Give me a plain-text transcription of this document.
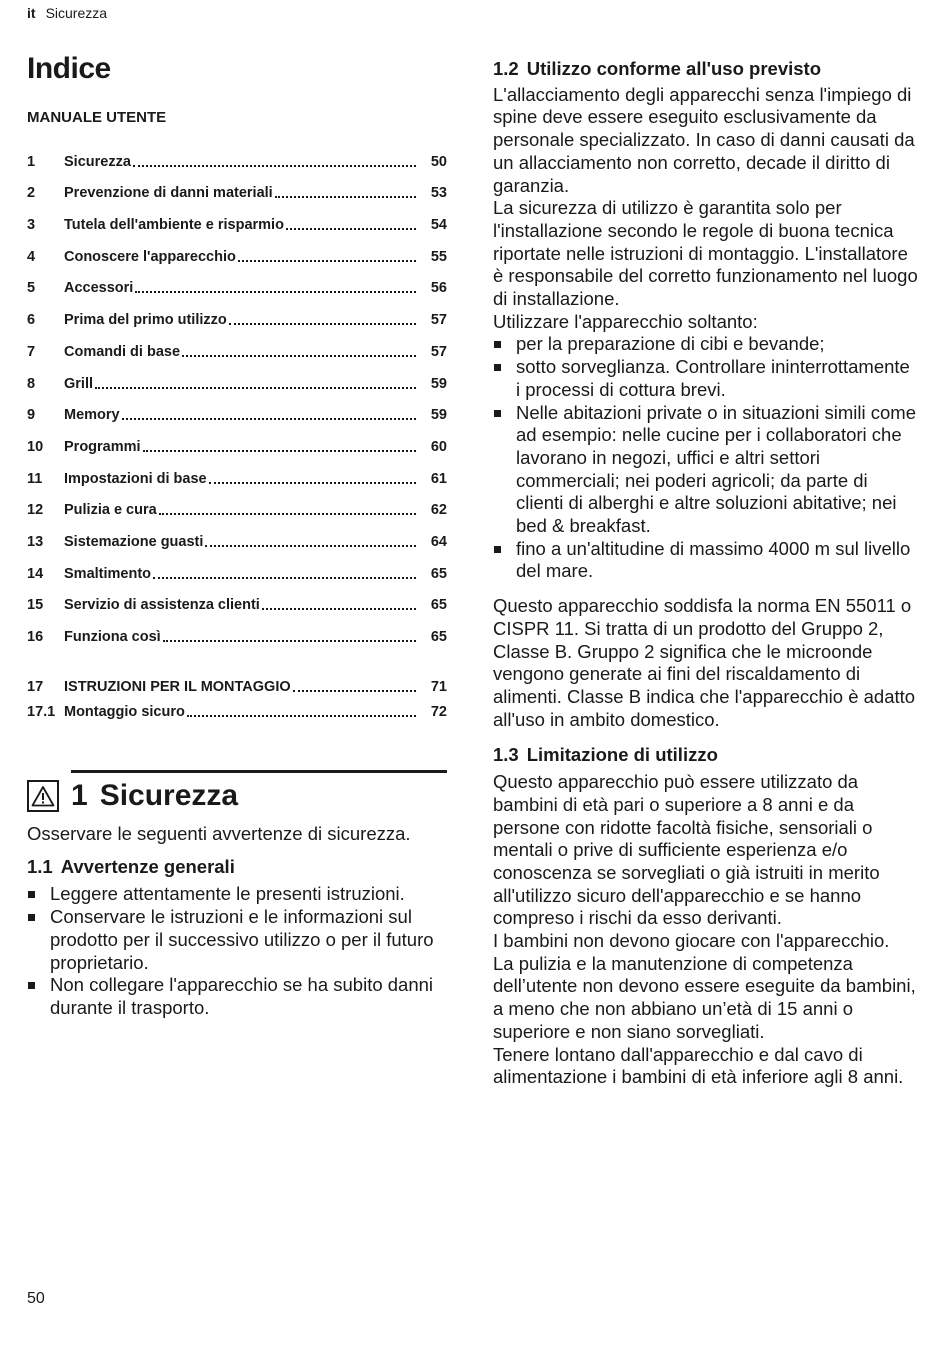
it Sicurezza
Indice
MANUALE UTENTE
1	Sicurezza	50
2	Prevenzione di danni materiali	53
3	Tutela dell'ambiente e risparmio	54
4	Conoscere l'apparecchio	55
5	Accessori	56
6	Prima del primo utilizzo	57
7	Comandi di base	57
8	Grill	59
9	Memory	59
10	Programmi	60
11	Impostazioni di base	61
12	Pulizia e cura	62
13	Sistemazione guasti	64
14	Smaltimento	65
15	Servizio di assistenza clienti	65
16	Funziona così	65
17	ISTRUZIONI PER IL MONTAGGIO	71
17.1 Montaggio sicuro	72
1 Sicurezza

Osservare le seguenti avvertenze di sicurezza.

1.1 Avvertenze generali
Leggere attentamente le presenti istruzioni.
Conservare le istruzioni e le informazioni sul prodotto per il successivo utilizzo o per il futuro proprietario.
Non collegare l'apparecchio se ha subito danni durante il trasporto.
1.2 Utilizzo conforme all'uso previsto

L'allacciamento degli apparecchi senza l'impiego di spine deve essere eseguito esclusivamente da personale specializzato. In caso di danni causati da un allacciamento non corretto, decade il diritto di garanzia.

La sicurezza di utilizzo è garantita solo per l'installazione secondo le regole di buona tecnica riportate nelle istruzioni di montaggio. L'installatore è responsabile del corretto funzionamento nel luogo di installazione.

Utilizzare l'apparecchio soltanto:

per la preparazione di cibi e bevande;
sotto sorveglianza. Controllare ininterrottamente i processi di cottura brevi.
Nelle abitazioni private o in situazioni simili come ad esempio: nelle cucine per i collaboratori che lavorano in negozi, uffici e altri settori commerciali; nei poderi agricoli; da parte di clienti di alberghi e altre soluzioni abitative; nei bed & breakfast.
fino a un'altitudine di massimo 4000 m sul livello del mare.

Questo apparecchio soddisfa la norma EN 55011 o CISPR 11. Si tratta di un prodotto del Gruppo 2, Classe B. Gruppo 2 significa che le microonde vengono generate ai fini del riscaldamento di alimenti. Classe B indica che l'apparecchio è adatto all'uso in ambito domestico.

1.3 Limitazione di utilizzo

Questo apparecchio può essere utilizzato da bambini di età pari o superiore a 8 anni e da persone con ridotte facoltà fisiche, sensoriali o mentali o prive di sufficiente esperienza e/o conoscenza se sorvegliati o già istruiti in merito all'utilizzo sicuro dell'apparecchio e se hanno compreso i rischi da esso derivanti.

I bambini non devono giocare con l'apparecchio.

La pulizia e la manutenzione di competenza dell’utente non devono essere eseguite da bambini, a meno che non abbiano un’età di 15 anni o superiore e non siano sorvegliati.

Tenere lontano dall'apparecchio e dal cavo di alimentazione i bambini di età inferiore agli 8 anni.

50
